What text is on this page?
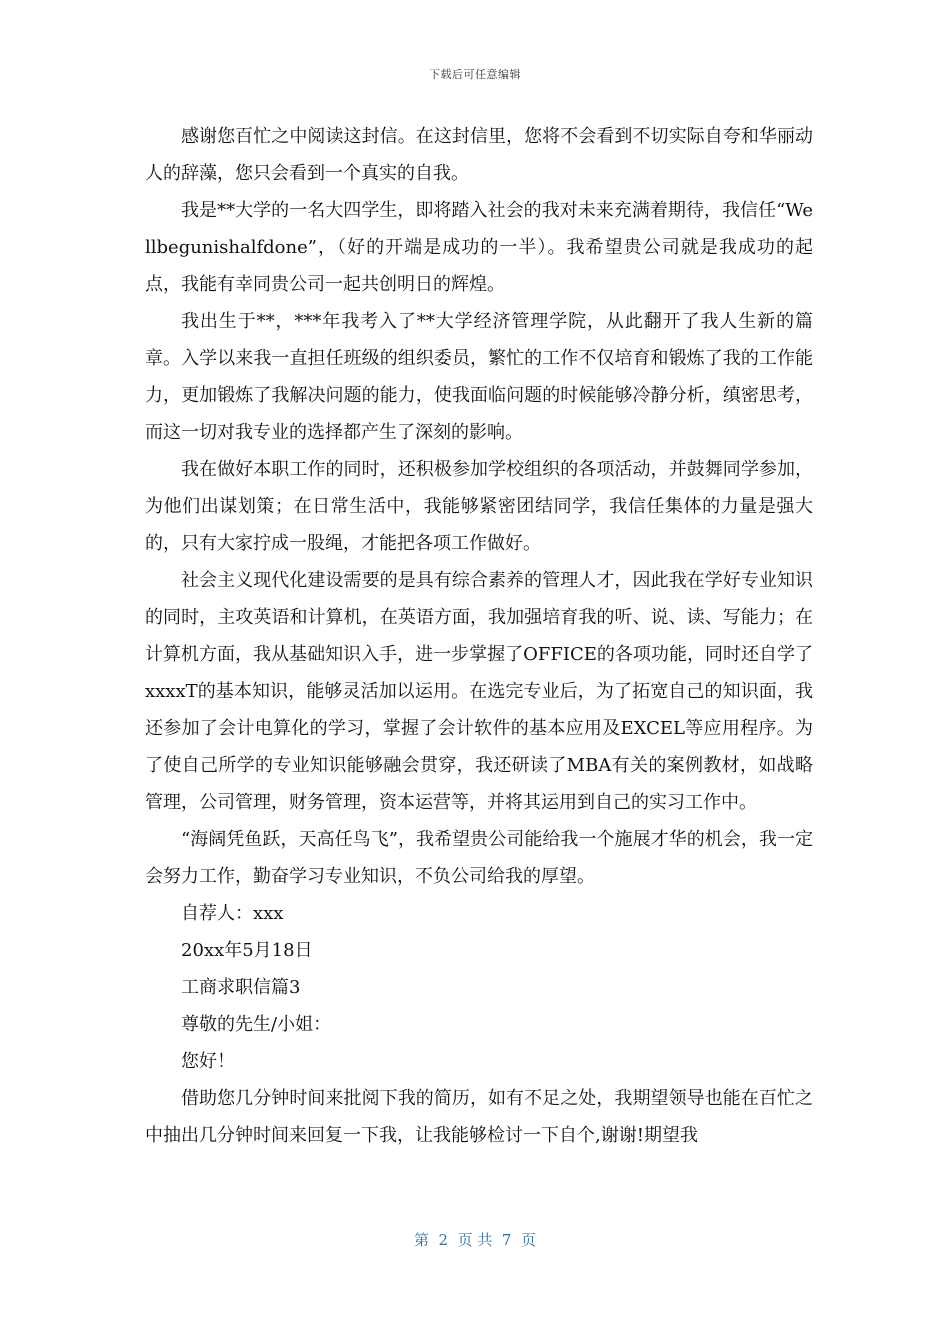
下载后可任意编辑

感谢您百忙之中阅读这封信。在这封信里，您将不会看到不切实际自夸和华丽动人的辞藻，您只会看到一个真实的自我。

我是**大学的一名大四学生，即将踏入社会的我对未来充满着期待，我信任“Wellbegunishalfdone”，（好的开端是成功的一半）。我希望贵公司就是我成功的起点，我能有幸同贵公司一起共创明日的辉煌。

我出生于**，***年我考入了**大学经济管理学院，从此翻开了我人生新的篇章。入学以来我一直担任班级的组织委员，繁忙的工作不仅培育和锻炼了我的工作能力，更加锻炼了我解决问题的能力，使我面临问题的时候能够冷静分析，缜密思考，而这一切对我专业的选择都产生了深刻的影响。

我在做好本职工作的同时，还积极参加学校组织的各项活动，并鼓舞同学参加，为他们出谋划策；在日常生活中，我能够紧密团结同学，我信任集体的力量是强大的，只有大家拧成一股绳，才能把各项工作做好。

社会主义现代化建设需要的是具有综合素养的管理人才，因此我在学好专业知识的同时，主攻英语和计算机，在英语方面，我加强培育我的听、说、读、写能力；在计算机方面，我从基础知识入手，进一步掌握了OFFICE的各项功能，同时还自学了xxxxT的基本知识，能够灵活加以运用。在选完专业后，为了拓宽自己的知识面，我还参加了会计电算化的学习，掌握了会计软件的基本应用及EXCEL等应用程序。为了使自己所学的专业知识能够融会贯穿，我还研读了MBA有关的案例教材，如战略管理，公司管理，财务管理，资本运营等，并将其运用到自己的实习工作中。

“海阔凭鱼跃，天高任鸟飞”，我希望贵公司能给我一个施展才华的机会，我一定会努力工作，勤奋学习专业知识，不负公司给我的厚望。

自荐人：xxx

20xx年5月18日

工商求职信篇3

尊敬的先生/小姐：

您好！

借助您几分钟时间来批阅下我的简历，如有不足之处，我期望领导也能在百忙之中抽出几分钟时间来回复一下我，让我能够检讨一下自个,谢谢!期望我

第  2  页 共  7  页
